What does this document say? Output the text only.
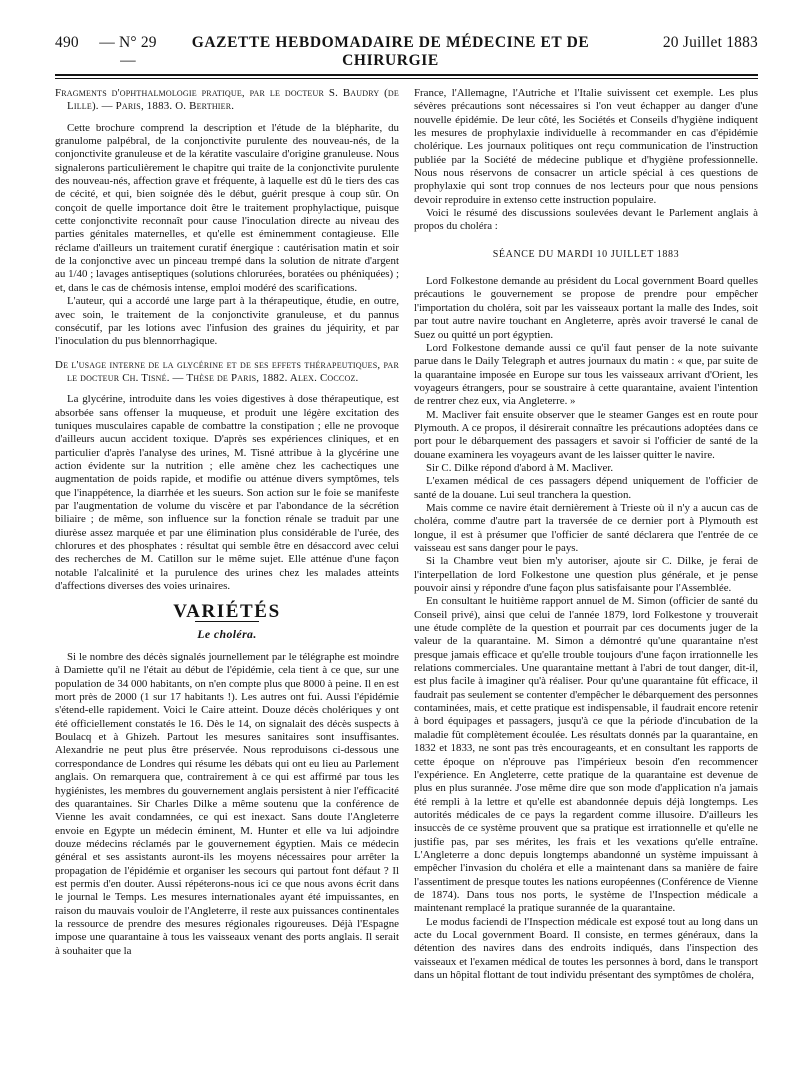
490	— N° 29 —
GAZETTE HEBDOMADAIRE DE MÉDECINE ET DE CHIRURGIE
20 Juillet 1883

Fragments d'ophthalmologie pratique, par le docteur S. Baudry (de Lille). — Paris, 1883. O. Berthier.

Cette brochure comprend la description et l'étude de la blépharite, du granulome palpébral, de la conjonctivite purulente des nouveau-nés, de la conjonctivite granuleuse et de la kératite vasculaire d'origine granuleuse. Nous signalerons particulièrement le chapitre qui traite de la conjonctivite purulente des nouveau-nés, affection grave et fréquente, à laquelle est dû le tiers des cas de cécité, et qui, bien soignée dès le début, guérit presque à coup sûr. On conçoit de quelle importance doit être le traitement prophylactique, puisque cette conjonctivite reconnaît pour cause l'inoculation directe au niveau des parties génitales maternelles, et qu'elle est éminemment contagieuse. Elle réclame d'ailleurs un traitement curatif énergique : cautérisation matin et soir de la conjonctive avec un pinceau trempé dans la solution de nitrate d'argent au 1/40 ; lavages antiseptiques (solutions chlorurées, boratées ou phéniquées) ; et, dans le cas de chémosis intense, emploi modéré des scarifications.

L'auteur, qui a accordé une large part à la thérapeutique, étudie, en outre, avec soin, le traitement de la conjonctivite granuleuse, et du pannus consécutif, par les lotions avec l'infusion des graines du jéquirity, et par l'inoculation du pus blennorrhagique.

De l'usage interne de la glycérine et de ses effets thérapeutiques, par le docteur Ch. Tisné. — Thèse de Paris, 1882. Alex. Coccoz.

La glycérine, introduite dans les voies digestives à dose thérapeutique, est absorbée sans offenser la muqueuse, et produit une légère excitation des tuniques musculaires capable de combattre la constipation ; elle ne provoque d'ailleurs aucun accident toxique. D'après ses expériences cliniques, et en particulier d'après l'analyse des urines, M. Tisné attribue à la glycérine une action évidente sur la nutrition ; elle amène chez les cachectiques une augmentation de poids rapide, et modifie ou atténue divers symptômes, tels que l'inappétence, la diarrhée et les sueurs. Son action sur le foie se manifeste par l'augmentation de volume du viscère et par l'abondance de la sécrétion biliaire ; de même, son influence sur la fonction rénale se traduit par une diurèse assez marquée et par une élimination plus considérable de l'urée, des chlorures et des phosphates : résultat qui semble être en désaccord avec celui des recherches de M. Catillon sur le même sujet. Elle atténue d'une façon notable l'alcalinité et la purulence des urines chez les malades atteints d'affections diverses des voies urinaires.

VARIÉTÉS
Le choléra.

Si le nombre des décès signalés journellement par le télégraphe est moindre à Damiette qu'il ne l'était au début de l'épidémie, cela tient à ce que, sur une population de 34 000 habitants, on n'en compte plus que 8000 à peine. Il en est mort près de 2000 (1 sur 17 habitants !). Les autres ont fui. Aussi l'épidémie s'étend-elle rapidement. Voici le Caire atteint. Douze décès cholériques y ont été officiellement constatés le 16. Dès le 14, on signalait des décès suspects à Boulacq et à Ghizeh. Partout les mesures sanitaires sont insuffisantes. Alexandrie ne peut plus être préservée. Nous reproduisons ci-dessous une correspondance de Londres qui résume les débats qui ont eu lieu au Parlement anglais. On remarquera que, contrairement à ce qui est affirmé par tous les hygiénistes, les membres du gouvernement anglais persistent à nier l'efficacité des quarantaines. Sir Charles Dilke a même soutenu que la conférence de Vienne les avait condamnées, ce qui est inexact. Sans doute l'Angleterre envoie en Egypte un médecin éminent, M. Hunter et elle va lui adjoindre douze médecins réclamés par le gouvernement égyptien. Mais ce médecin général et ses assistants auront-ils les moyens nécessaires pour arrêter la propagation de l'épidémie et organiser les secours qui partout font défaut ? Il est permis d'en douter. Aussi répéterons-nous ici ce que nous avons écrit dans le journal le Temps. Les mesures internationales ayant été impuissantes, en raison du mauvais vouloir de l'Angleterre, il reste aux puissances continentales la ressource de prendre des mesures régionales rigoureuses. Déjà l'Espagne impose une quarantaine à tous les vaisseaux venant des ports anglais. Il serait à souhaiter que la

France, l'Allemagne, l'Autriche et l'Italie suivissent cet exemple. Les plus sévères précautions sont nécessaires si l'on veut échapper au danger d'une nouvelle épidémie. De leur côté, les Sociétés et Conseils d'hygiène indiquent les mesures de prophylaxie individuelle à recommander en cas d'épidémie cholérique. Les journaux politiques ont reçu communication de l'instruction publiée par la Société de médecine publique et d'hygiène professionnelle. Nous nous réservons de consacrer un article spécial à ces questions de prophylaxie qui sont trop connues de nos lecteurs pour que nous pensions devoir reproduire in extenso cette instruction populaire.

Voici le résumé des discussions soulevées devant le Parlement anglais à propos du choléra :

SÉANCE DU MARDI 10 JUILLET 1883

Lord Folkestone demande au président du Local government Board quelles précautions le gouvernement se propose de prendre pour empêcher l'importation du choléra, soit par les vaisseaux portant la malle des Indes, soit par tout autre navire touchant en Angleterre, après avoir traversé le canal de Suez ou quitté un port égyptien.

Lord Folkestone demande aussi ce qu'il faut penser de la note suivante parue dans le Daily Telegraph et autres journaux du matin : « que, par suite de la quarantaine imposée en Europe sur tous les vaisseaux arrivant d'Orient, les voyageurs étrangers, pour se soustraire à cette quarantaine, avaient l'intention de rentrer chez eux, via Angleterre. »

M. Macliver fait ensuite observer que le steamer Ganges est en route pour Plymouth. A ce propos, il désirerait connaître les précautions adoptées dans ce port pour le débarquement des passagers et savoir si l'officier de santé de la douane examinera les voyageurs avant de les laisser quitter le navire.

Sir C. Dilke répond d'abord à M. Macliver.

L'examen médical de ces passagers dépend uniquement de l'officier de santé de la douane. Lui seul tranchera la question.

Mais comme ce navire était dernièrement à Trieste où il n'y a aucun cas de choléra, comme d'autre part la traversée de ce dernier port à Plymouth est longue, il est à présumer que l'officier de santé déclarera que l'entrée de ce vaisseau est sans danger pour le pays.

Si la Chambre veut bien m'y autoriser, ajoute sir C. Dilke, je ferai de l'interpellation de lord Folkestone une question plus générale, et je pense pouvoir ainsi y répondre d'une façon plus satisfaisante pour l'Assemblée.

En consultant le huitième rapport annuel de M. Simon (officier de santé du Conseil privé), ainsi que celui de l'année 1879, lord Folkestone y trouverait une étude complète de la question et pourrait par ces documents juger de la valeur de la quarantaine. M. Simon a démontré qu'une quarantaine n'est presque jamais efficace et qu'elle trouble toujours d'une façon irrationnelle les relations commerciales. Une quarantaine mettant à l'abri de tout danger, dit-il, est plus facile à imaginer qu'à réaliser. Pour qu'une quarantaine fût efficace, il faudrait pas seulement se contenter d'empêcher le débarquement des personnes contaminées, mais, et cette pratique est indispensable, il faudrait encore retenir à bord équipages et passagers, jusqu'à ce que la période d'incubation de la maladie fût complètement écoulée. Les résultats donnés par la quarantaine, en 1832 et 1833, ne sont pas très encourageants, et en consultant les rapports de cette époque on n'éprouve pas l'impérieux besoin d'en recommencer l'expérience. En Angleterre, cette pratique de la quarantaine est devenue de plus en plus surannée. J'ose même dire que son mode d'application n'a jamais été rempli à la lettre et qu'elle est abandonnée depuis déjà longtemps. Les autorités médicales de ce pays la regardent comme illusoire. D'ailleurs les insuccès de ce système prouvent que sa pratique est irrationnelle et qu'elle ne justifie pas, par ses mérites, les frais et les vexations qu'elle entraîne. L'Angleterre a donc depuis longtemps abandonné un système impuissant à empêcher l'invasion du choléra et elle a maintenant dans sa manière de faire l'assentiment de presque toutes les nations européennes (Conférence de Vienne de 1874). Dans tous nos ports, le système de l'Inspection médicale a maintenant remplacé la pratique surannée de la quarantaine.

Le modus faciendi de l'Inspection médicale est exposé tout au long dans un acte du Local government Board. Il consiste, en termes généraux, dans la détention des navires dans des endroits indiqués, dans l'inspection des vaisseaux et l'examen médical de toutes les personnes à bord, dans le transport dans un hôpital flottant de tout individu présentant des symptômes de choléra,
